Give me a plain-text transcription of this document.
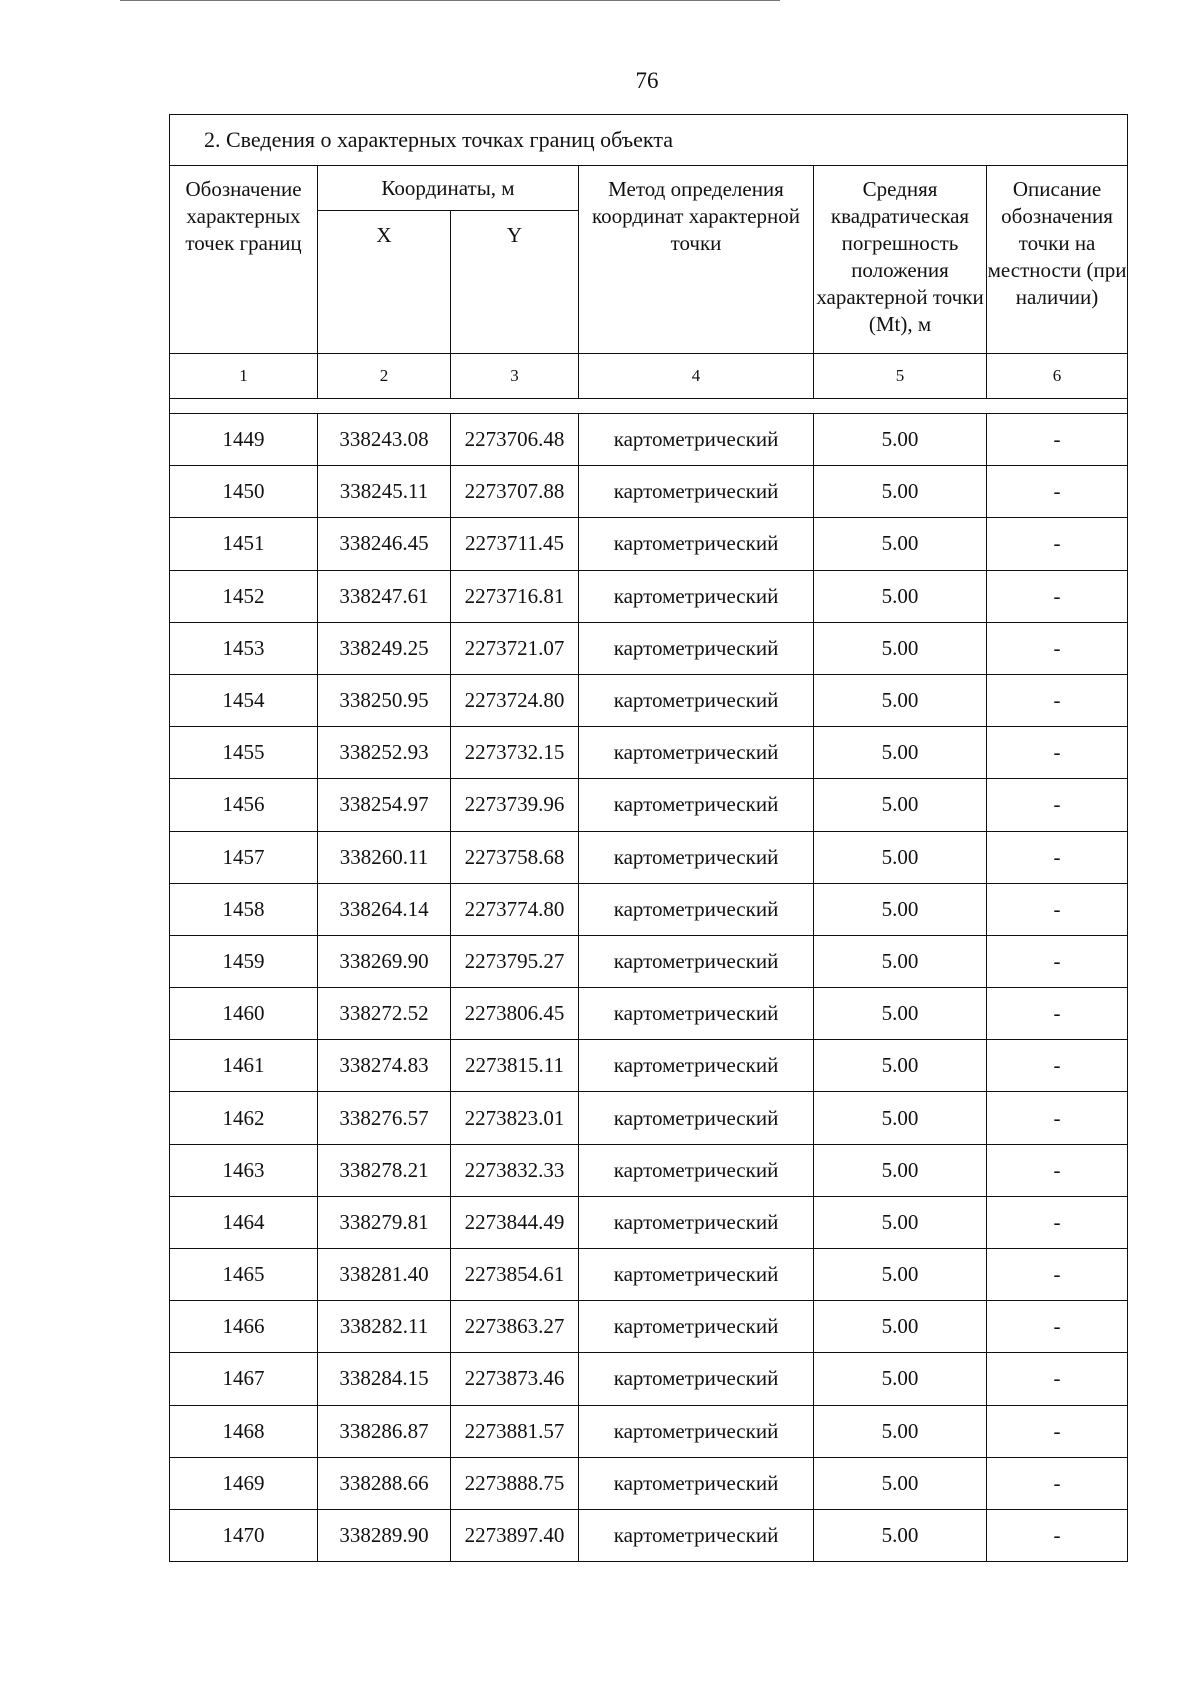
76
2. Сведения о характерных точках границ объекта					
Обозначение характерных точек границ	Координаты, м		Метод определения координат характерной точки	Средняя квадратическая погрешность положения характерной точки (Mt), м	Описание обозначения точки на местности (при наличии)
	X	Y			
1	2	3	4	5	6

1449	338243.08	2273706.48	картометрический	5.00	-
1450	338245.11	2273707.88	картометрический	5.00	-
1451	338246.45	2273711.45	картометрический	5.00	-
1452	338247.61	2273716.81	картометрический	5.00	-
1453	338249.25	2273721.07	картометрический	5.00	-
1454	338250.95	2273724.80	картометрический	5.00	-
1455	338252.93	2273732.15	картометрический	5.00	-
1456	338254.97	2273739.96	картометрический	5.00	-
1457	338260.11	2273758.68	картометрический	5.00	-
1458	338264.14	2273774.80	картометрический	5.00	-
1459	338269.90	2273795.27	картометрический	5.00	-
1460	338272.52	2273806.45	картометрический	5.00	-
1461	338274.83	2273815.11	картометрический	5.00	-
1462	338276.57	2273823.01	картометрический	5.00	-
1463	338278.21	2273832.33	картометрический	5.00	-
1464	338279.81	2273844.49	картометрический	5.00	-
1465	338281.40	2273854.61	картометрический	5.00	-
1466	338282.11	2273863.27	картометрический	5.00	-
1467	338284.15	2273873.46	картометрический	5.00	-
1468	338286.87	2273881.57	картометрический	5.00	-
1469	338288.66	2273888.75	картометрический	5.00	-
1470	338289.90	2273897.40	картометрический	5.00	-
